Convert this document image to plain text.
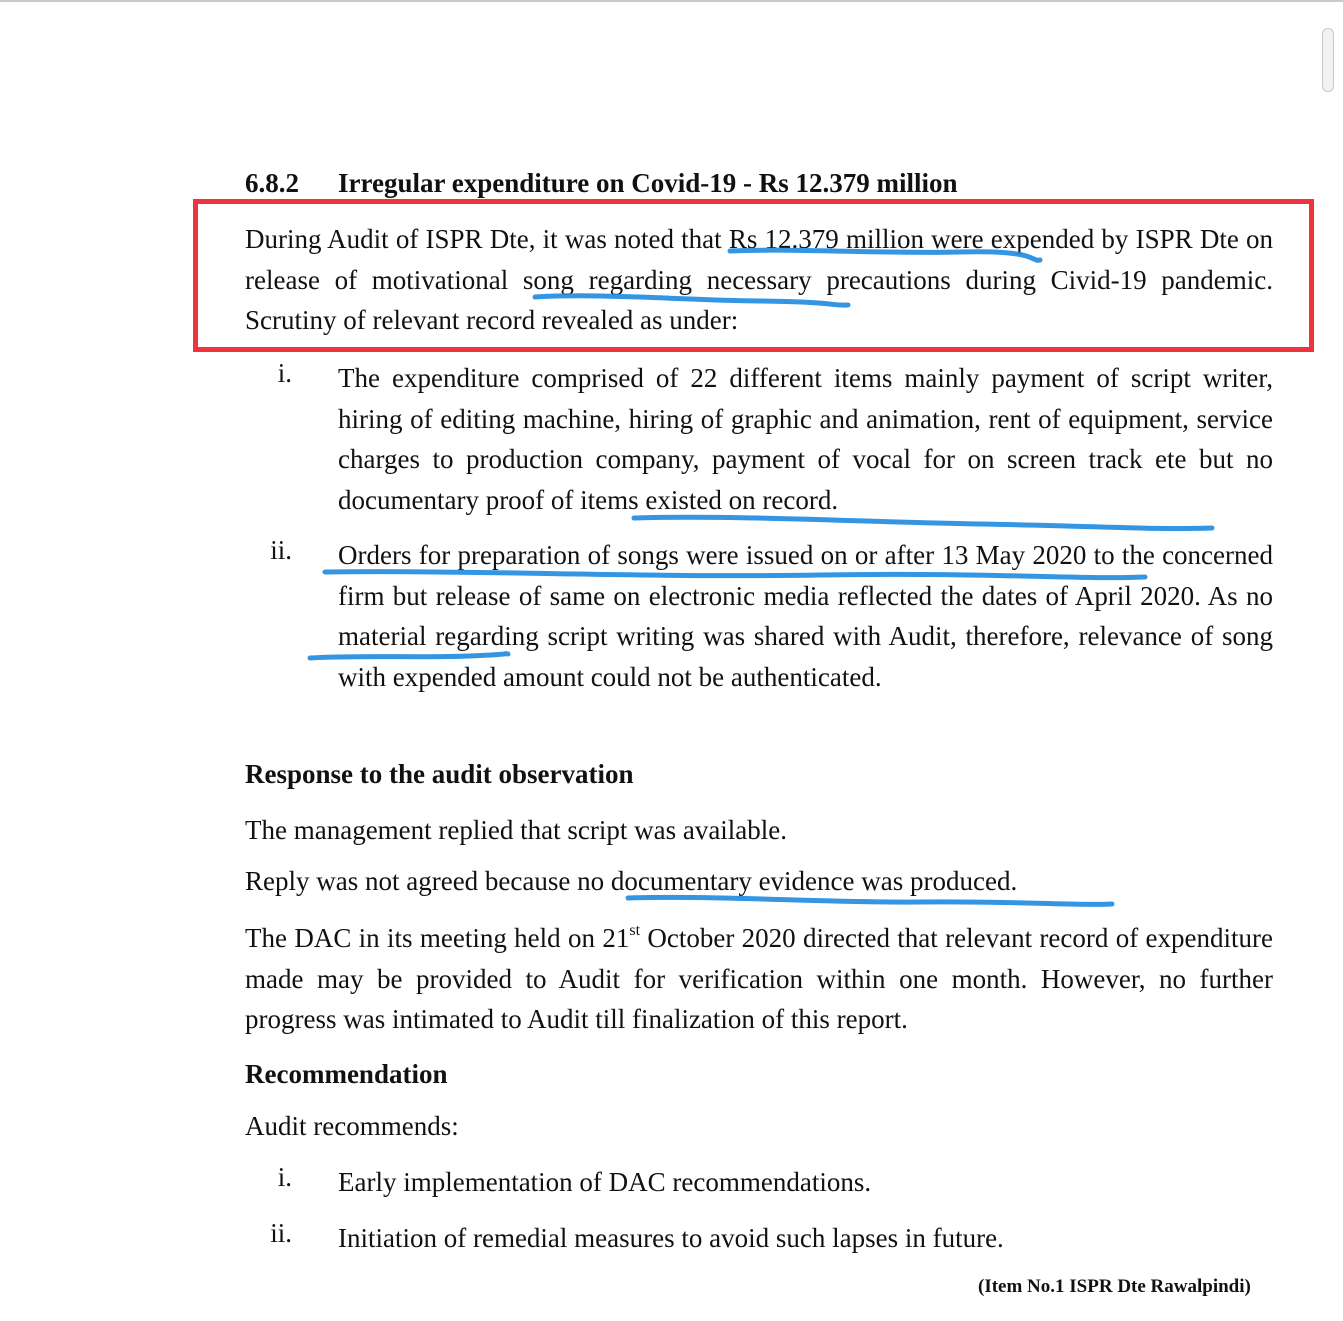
6.8.2 Irregular expenditure on Covid-19 - Rs 12.379 million
During Audit of ISPR Dte, it was noted that Rs 12.379 million were expended by ISPR Dte on release of motivational song regarding necessary precautions during Civid-19 pandemic. Scrutiny of relevant record revealed as under:
i. The expenditure comprised of 22 different items mainly payment of script writer, hiring of editing machine, hiring of graphic and animation, rent of equipment, service charges to production company, payment of vocal for on screen track ete but no documentary proof of items existed on record.
ii. Orders for preparation of songs were issued on or after 13 May 2020 to the concerned firm but release of same on electronic media reflected the dates of April 2020. As no material regarding script writing was shared with Audit, therefore, relevance of song with expended amount could not be authenticated.
Response to the audit observation
The management replied that script was available.
Reply was not agreed because no documentary evidence was produced.
The DAC in its meeting held on 21st October 2020 directed that relevant record of expenditure made may be provided to Audit for verification within one month. However, no further progress was intimated to Audit till finalization of this report.
Recommendation
Audit recommends:
i. Early implementation of DAC recommendations.
ii. Initiation of remedial measures to avoid such lapses in future.
(Item No.1 ISPR Dte Rawalpindi)
